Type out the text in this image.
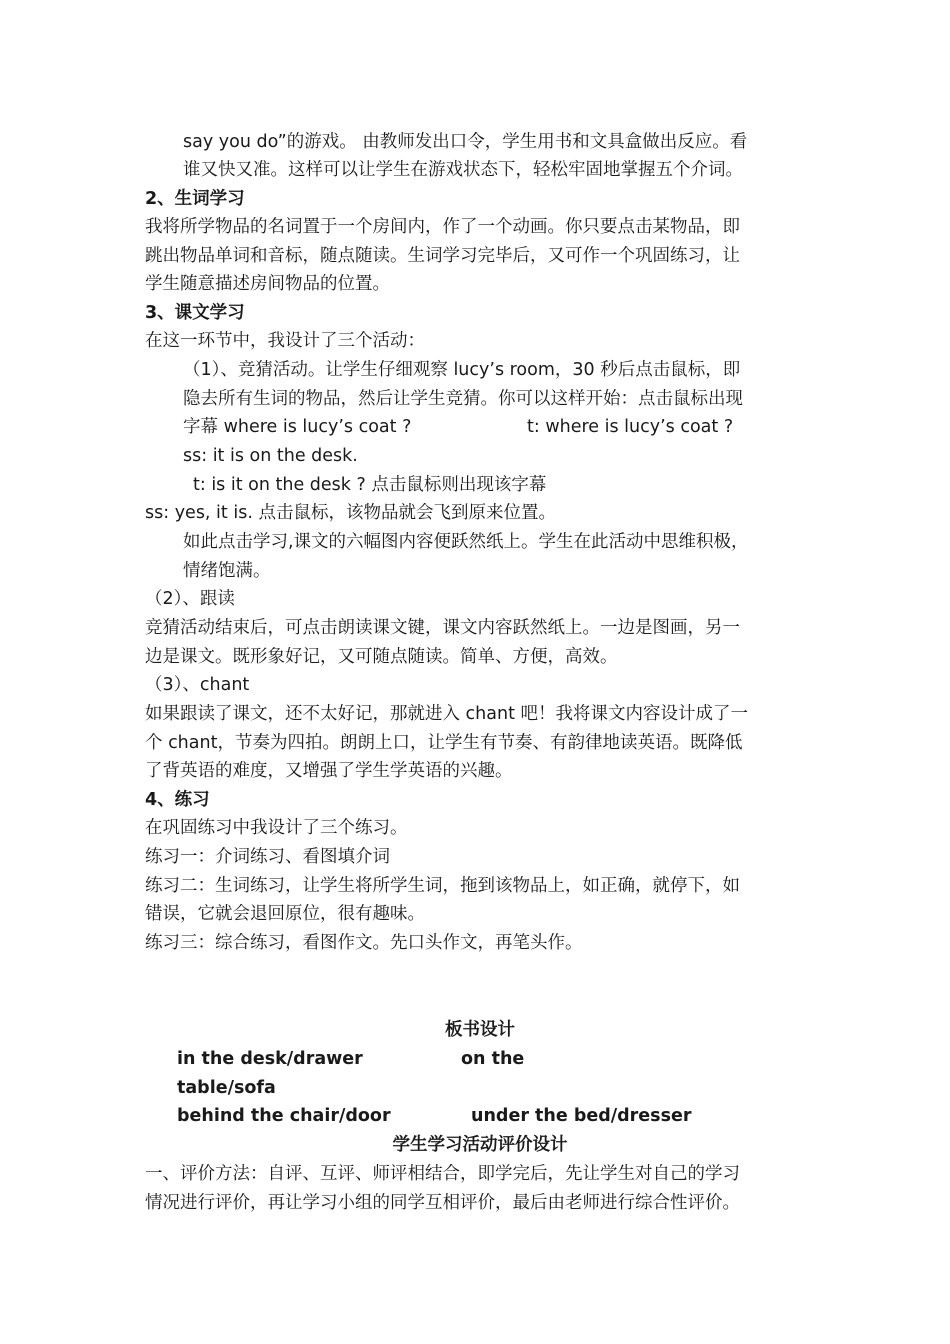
say you do”的游戏。 由教师发出口令，学生用书和文具盒做出反应。看
谁又快又准。这样可以让学生在游戏状态下，轻松牢固地掌握五个介词。
2、生词学习
我将所学物品的名词置于一个房间内，作了一个动画。你只要点击某物品，即
跳出物品单词和音标，随点随读。生词学习完毕后，又可作一个巩固练习，让
学生随意描述房间物品的位置。
3、课文学习
在这一环节中，我设计了三个活动：
（1）、竞猜活动。让学生仔细观察 lucy’s room，30 秒后点击鼠标，即
隐去所有生词的物品，然后让学生竞猜。你可以这样开始：点击鼠标出现
字幕 where is lucy’s coat ?	t: where is lucy’s coat ?
ss: it is on the desk.
t: is it on the desk ? 点击鼠标则出现该字幕
ss: yes, it is. 点击鼠标，该物品就会飞到原来位置。
如此点击学习,课文的六幅图内容便跃然纸上。学生在此活动中思维积极，
情绪饱满。
（2）、跟读
竞猜活动结束后，可点击朗读课文键，课文内容跃然纸上。一边是图画，另一
边是课文。既形象好记，又可随点随读。简单、方便，高效。
（3）、chant
如果跟读了课文，还不太好记，那就进入 chant 吧！我将课文内容设计成了一
个 chant，节奏为四拍。朗朗上口，让学生有节奏、有韵律地读英语。既降低
了背英语的难度，又增强了学生学英语的兴趣。
4、练习
在巩固练习中我设计了三个练习。
练习一：介词练习、看图填介词
练习二：生词练习，让学生将所学生词，拖到该物品上，如正确，就停下，如
错误，它就会退回原位，很有趣味。
练习三：综合练习，看图作文。先口头作文，再笔头作。
板书设计
in the desk/drawer	on the
table/sofa
behind the chair/door	under the bed/dresser
学生学习活动评价设计
一、评价方法：自评、互评、师评相结合，即学完后，先让学生对自己的学习
情况进行评价，再让学习小组的同学互相评价，最后由老师进行综合性评价。
